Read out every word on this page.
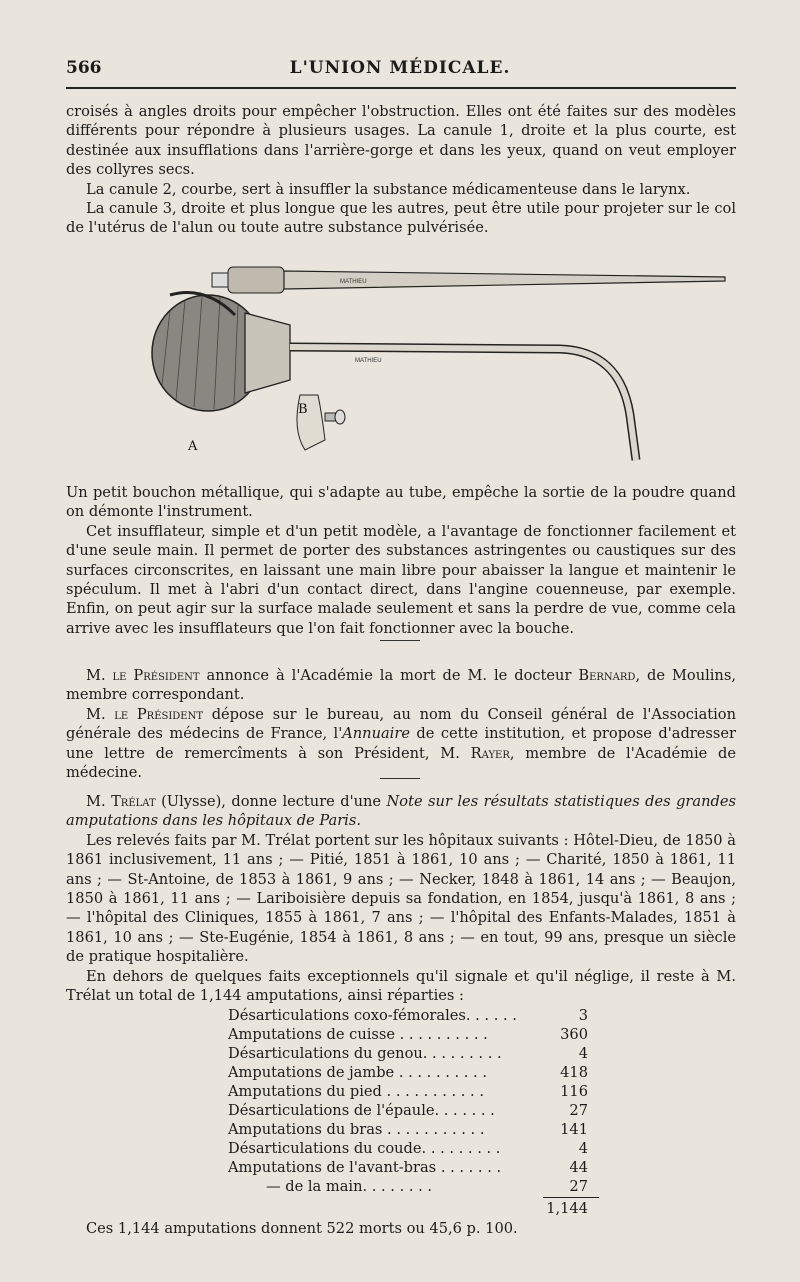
566	L'UNION MÉDICALE.

croisés à angles droits pour empêcher l'obstruction. Elles ont été faites sur des modèles différents pour répondre à plusieurs usages. La canule 1, droite et la plus courte, est destinée aux insufflations dans l'arrière-gorge et dans les yeux, quand on veut employer des collyres secs.

La canule 2, courbe, sert à insuffler la substance médicamenteuse dans le larynx.

La canule 3, droite et plus longue que les autres, peut être utile pour projeter sur le col de l'utérus de l'alun ou toute autre substance pulvérisée.

MATHIEU
MATHIEU
B
A

Un petit bouchon métallique, qui s'adapte au tube, empêche la sortie de la poudre quand on démonte l'instrument.

Cet insufflateur, simple et d'un petit modèle, a l'avantage de fonctionner facilement et d'une seule main. Il permet de porter des substances astringentes ou caustiques sur des surfaces circonscrites, en laissant une main libre pour abaisser la langue et maintenir le spéculum. Il met à l'abri d'un contact direct, dans l'angine couenneuse, par exemple. Enfin, on peut agir sur la surface malade seulement et sans la perdre de vue, comme cela arrive avec les insufflateurs que l'on fait fonctionner avec la bouche.

M. le Président annonce à l'Académie la mort de M. le docteur Bernard, de Moulins, membre correspondant.

M. le Président dépose sur le bureau, au nom du Conseil général de l'Association générale des médecins de France, l'Annuaire de cette institution, et propose d'adresser une lettre de remercîments à son Président, M. Rayer, membre de l'Académie de médecine.

M. Trélat (Ulysse), donne lecture d'une Note sur les résultats statistiques des grandes amputations dans les hôpitaux de Paris.

Les relevés faits par M. Trélat portent sur les hôpitaux suivants : Hôtel-Dieu, de 1850 à 1861 inclusivement, 11 ans ; — Pitié, 1851 à 1861, 10 ans ; — Charité, 1850 à 1861, 11 ans ; — St-Antoine, de 1853 à 1861, 9 ans ; — Necker, 1848 à 1861, 14 ans ; — Beaujon, 1850 à 1861, 11 ans ; — Lariboisière depuis sa fondation, en 1854, jusqu'à 1861, 8 ans ; — l'hôpital des Cliniques, 1855 à 1861, 7 ans ; — l'hôpital des Enfants-Malades, 1851 à 1861, 10 ans ; — Ste-Eugénie, 1854 à 1861, 8 ans ; — en tout, 99 ans, presque un siècle de pratique hospitalière.

En dehors de quelques faits exceptionnels qu'il signale et qu'il néglige, il reste à M. Trélat un total de 1,144 amputations, ainsi réparties :

Désarticulations coxo-fémorales. . . . . .	3
Amputations de cuisse . . . . . . . . . .	360
Désarticulations du genou. . . . . . . . .	4
Amputations de jambe . . . . . . . . . .	418
Amputations du pied . . . . . . . . . . .	116
Désarticulations de l'épaule. . . . . . .	27
Amputations du bras . . . . . . . . . . .	141
Désarticulations du coude. . . . . . . . .	4
Amputations de l'avant-bras . . . . . . .	44
— de la main. . . . . . . .	27
1,144
Ces 1,144 amputations donnent 522 morts ou 45,6 p. 100.
